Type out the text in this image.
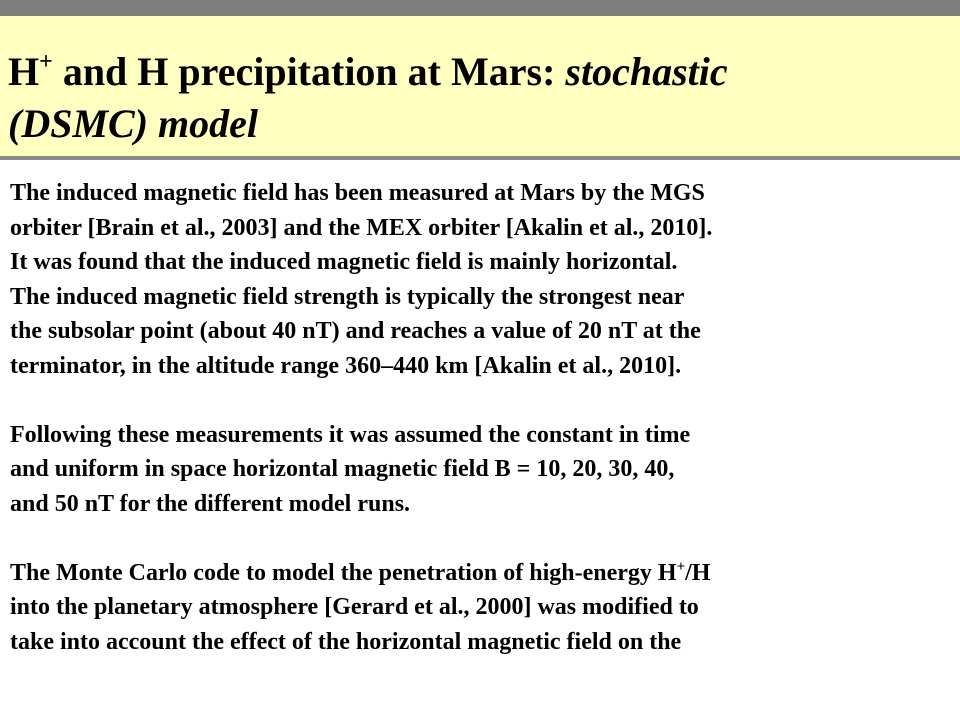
H+ and H precipitation at Mars: stochastic
(DSMC) model

The induced magnetic field has been measured at Mars by the MGS
orbiter [Brain et al., 2003] and the MEX orbiter [Akalin et al., 2010].
It was found that the induced magnetic field is mainly horizontal.
The induced magnetic field strength is typically the strongest near
the subsolar point (about 40 nT) and reaches a value of 20 nT at the
terminator, in the altitude range 360–440 km [Akalin et al., 2010].

Following these measurements it was assumed the constant in time
and uniform in space horizontal magnetic field B = 10, 20, 30, 40,
and 50 nT for the different model runs.

The Monte Carlo code to model the penetration of high-energy H+/H
into the planetary atmosphere [Gerard et al., 2000] was modified to
take into account the effect of the horizontal magnetic field on the
